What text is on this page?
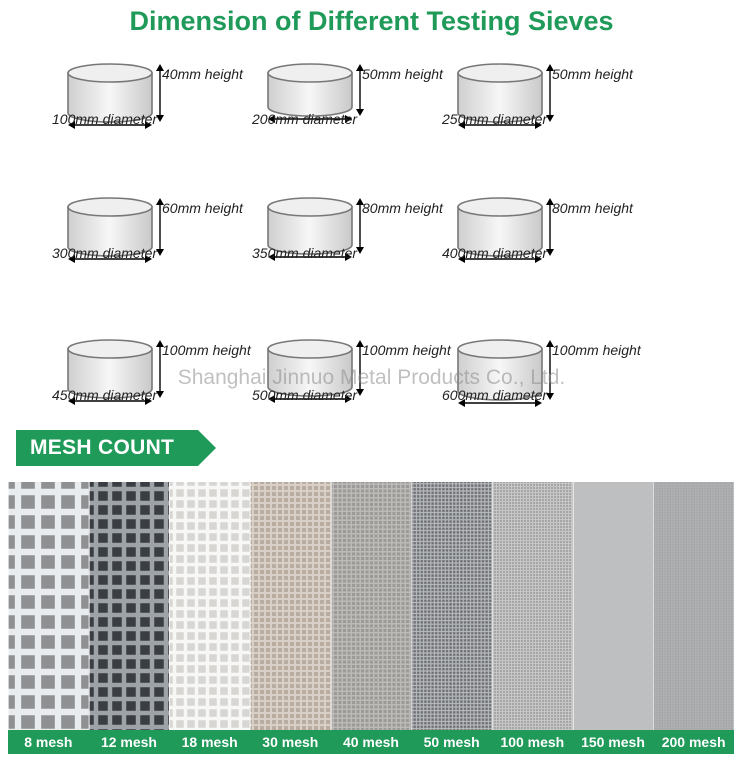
Dimension of Different Testing Sieves
40mm height
100mm diameter
50mm height
200mm diameter
50mm height
250mm diameter
60mm height
300mm diameter
80mm height
350mm diameter
80mm height
400mm diameter
100mm height
450mm diameter
100mm height
500mm diameter
100mm height
600mm diameter
Shanghai Jinnuo Metal Products Co., Ltd.
MESH COUNT
8 mesh	12 mesh	18 mesh	30 mesh	40 mesh	50 mesh	100 mesh	150 mesh	200 mesh
